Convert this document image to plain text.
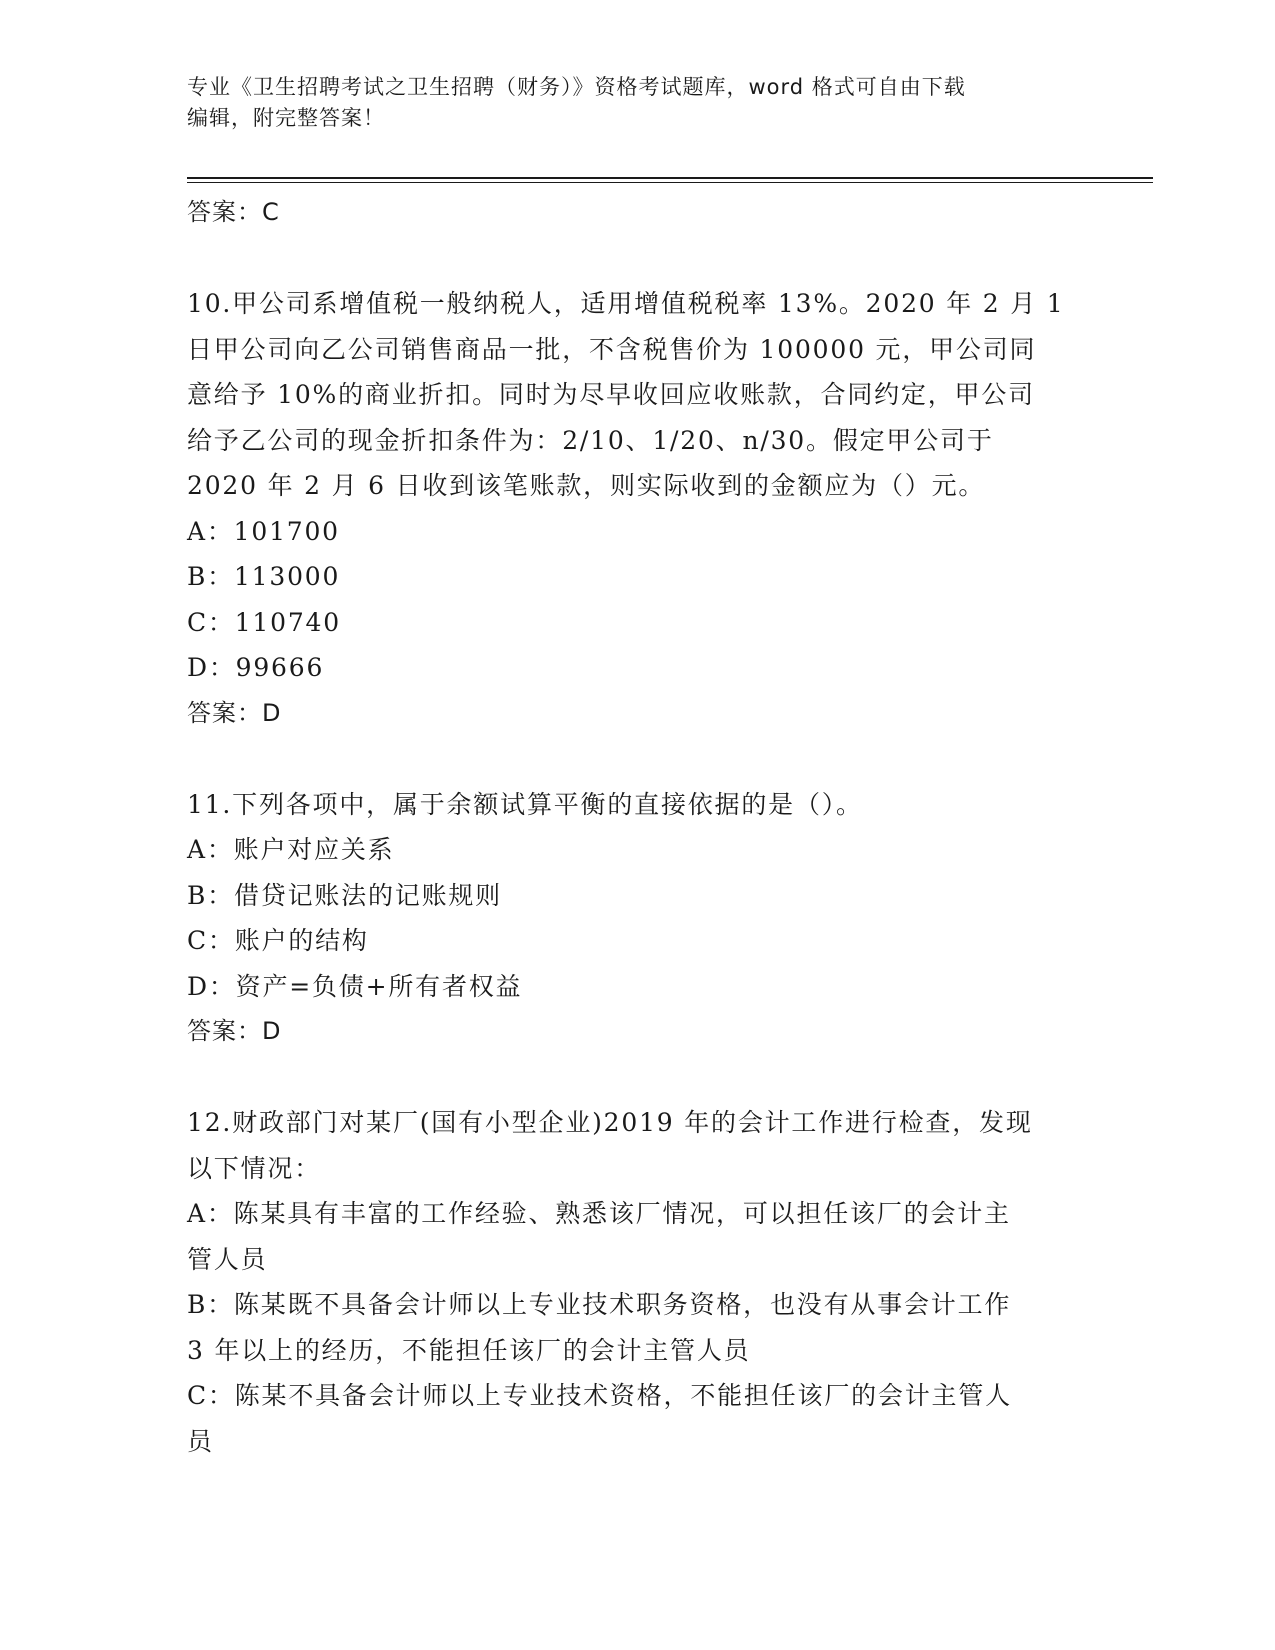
专业《卫生招聘考试之卫生招聘（财务）》资格考试题库，word 格式可自由下载
编辑，附完整答案！
答案：C
10.甲公司系增值税一般纳税人，适用增值税税率 13%。2020 年 2 月 1
日甲公司向乙公司销售商品一批，不含税售价为 100000 元，甲公司同
意给予 10%的商业折扣。同时为尽早收回应收账款，合同约定，甲公司
给予乙公司的现金折扣条件为：2/10、1/20、n/30。假定甲公司于
2020 年 2 月 6 日收到该笔账款，则实际收到的金额应为（）元。
A：101700
B：113000
C：110740
D：99666
答案：D
11.下列各项中，属于余额试算平衡的直接依据的是（）。
A：账户对应关系
B：借贷记账法的记账规则
C：账户的结构
D：资产=负债+所有者权益
答案：D
12.财政部门对某厂(国有小型企业)2019 年的会计工作进行检查，发现
以下情况：
A：陈某具有丰富的工作经验、熟悉该厂情况，可以担任该厂的会计主
管人员
B：陈某既不具备会计师以上专业技术职务资格，也没有从事会计工作
3 年以上的经历，不能担任该厂的会计主管人员
C：陈某不具备会计师以上专业技术资格，不能担任该厂的会计主管人
员
